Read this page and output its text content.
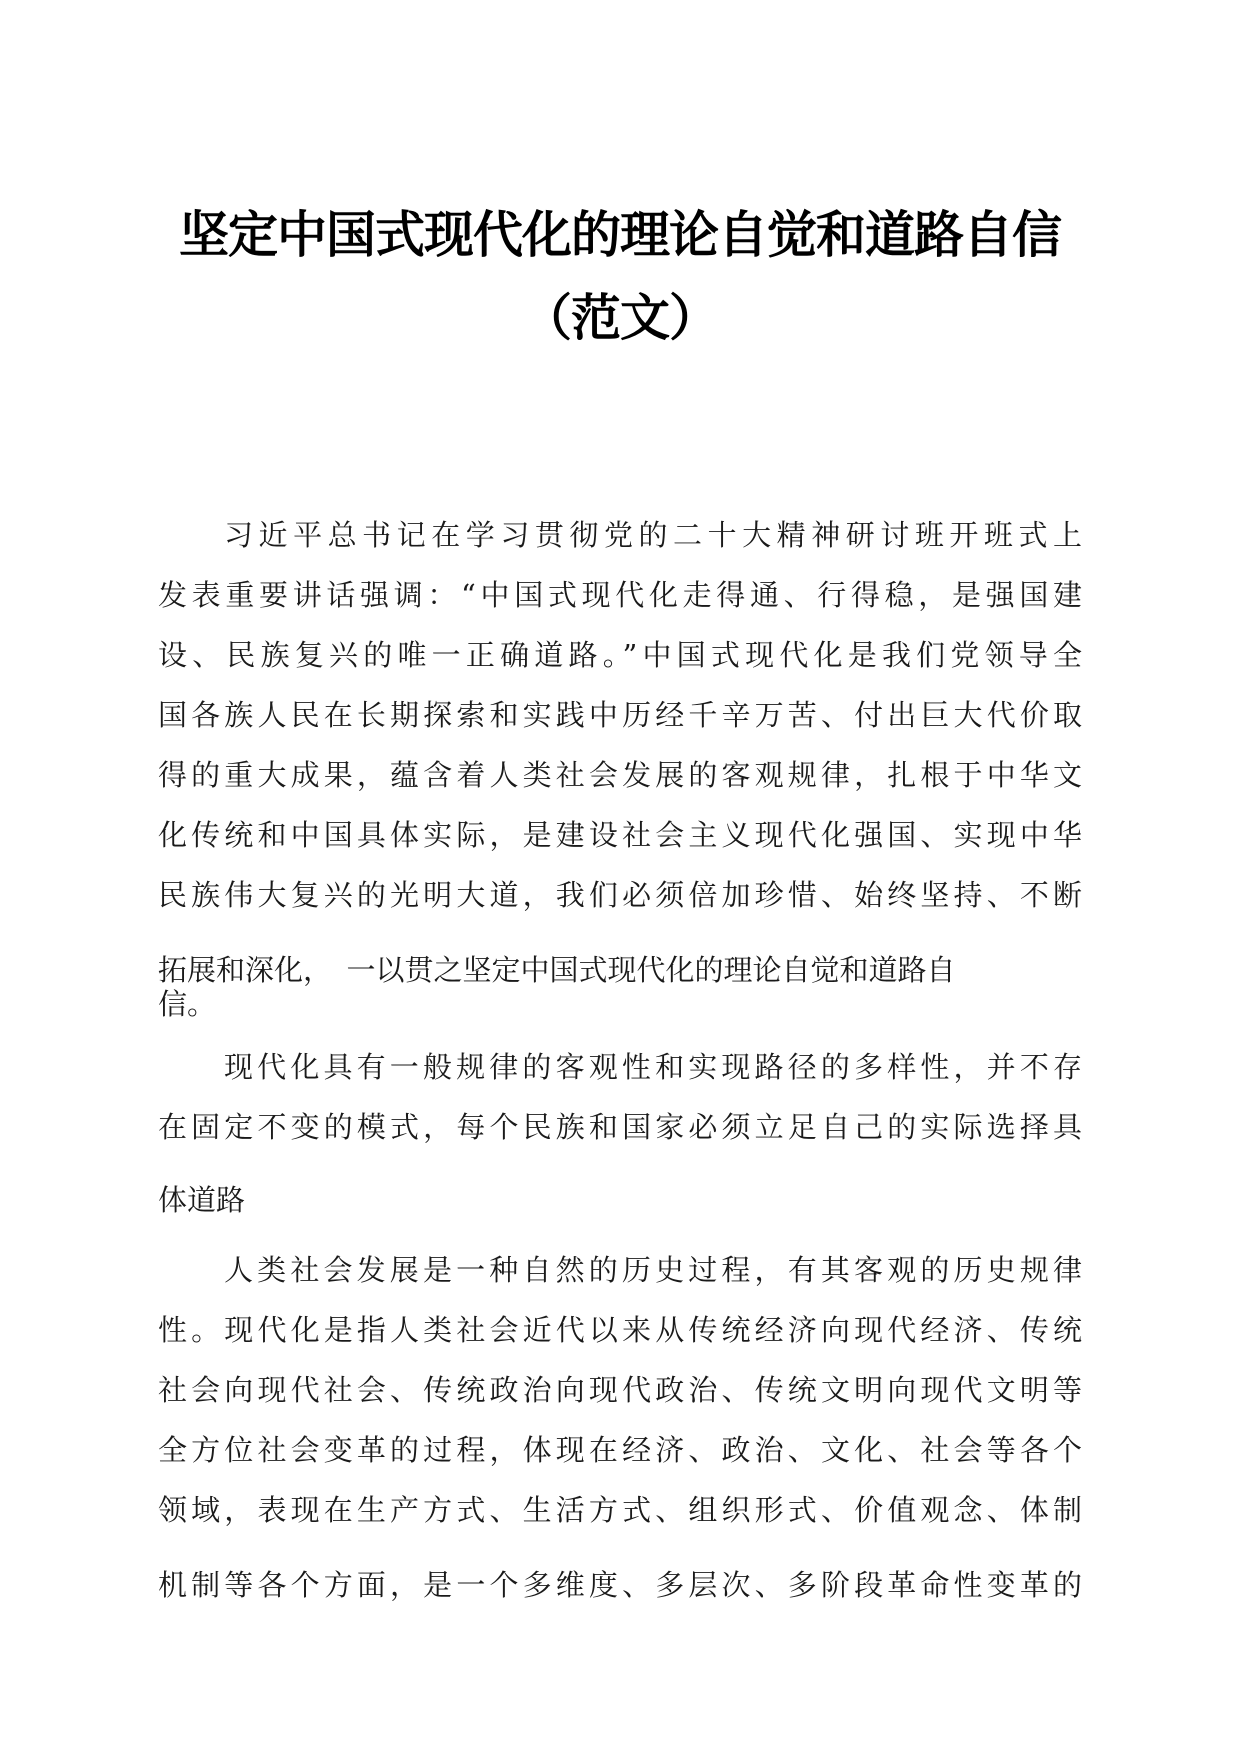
坚定中国式现代化的理论自觉和道路自信
（范文）
习近平总书记在学习贯彻党的二十大精神研讨班开班式上
发表重要讲话强调：“中国式现代化走得通、行得稳，是强国建
设、民族复兴的唯一正确道路。”中国式现代化是我们党领导全
国各族人民在长期探索和实践中历经千辛万苦、付出巨大代价取
得的重大成果，蕴含着人类社会发展的客观规律，扎根于中华文
化传统和中国具体实际，是建设社会主义现代化强国、实现中华
民族伟大复兴的光明大道，我们必须倍加珍惜、始终坚持、不断
拓展和深化，　一以贯之坚定中国式现代化的理论自觉和道路自
信。
现代化具有一般规律的客观性和实现路径的多样性，并不存
在固定不变的模式，每个民族和国家必须立足自己的实际选择具
体道路
人类社会发展是一种自然的历史过程，有其客观的历史规律
性。现代化是指人类社会近代以来从传统经济向现代经济、传统
社会向现代社会、传统政治向现代政治、传统文明向现代文明等
全方位社会变革的过程，体现在经济、政治、文化、社会等各个
领域，表现在生产方式、生活方式、组织形式、价值观念、体制
机制等各个方面，是一个多维度、多层次、多阶段革命性变革的
